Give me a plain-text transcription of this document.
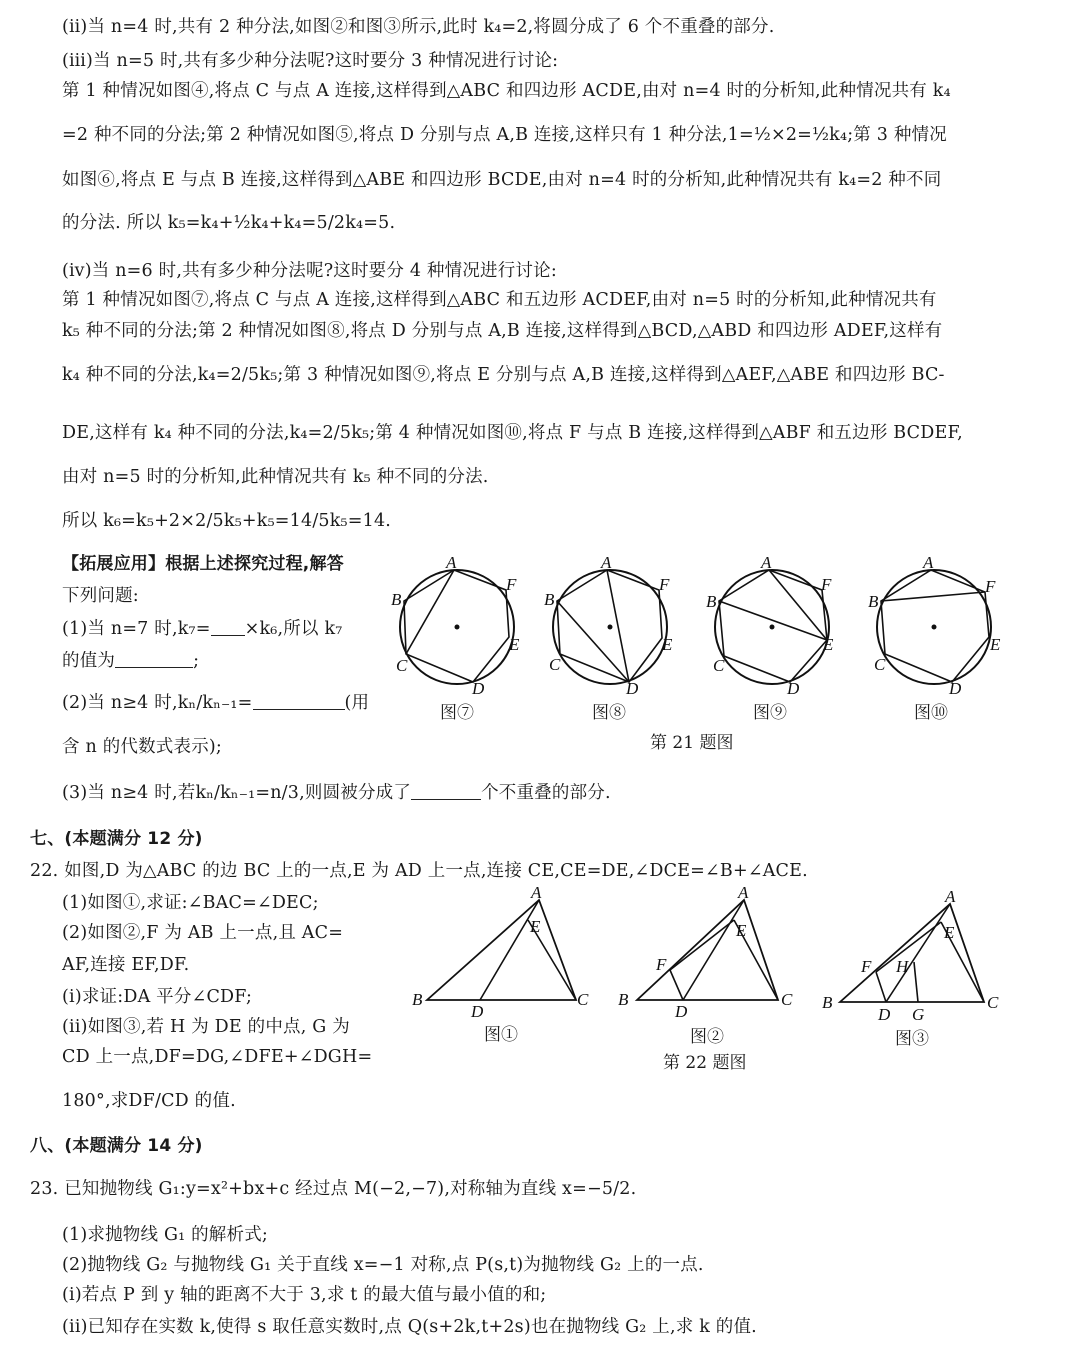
(ⅱ)当 n=4 时,共有 2 种分法,如图②和图③所示,此时 k₄=2,将圆分成了 6 个不重叠的部分.
(ⅲ)当 n=5 时,共有多少种分法呢?这时要分 3 种情况进行讨论:
第 1 种情况如图④,将点 C 与点 A 连接,这样得到△ABC 和四边形 ACDE,由对 n=4 时的分析知,此种情况共有 k₄
=2 种不同的分法;第 2 种情况如图⑤,将点 D 分别与点 A,B 连接,这样只有 1 种分法,1=½×2=½k₄;第 3 种情况
如图⑥,将点 E 与点 B 连接,这样得到△ABE 和四边形 BCDE,由对 n=4 时的分析知,此种情况共有 k₄=2 种不同
的分法. 所以 k₅=k₄+½k₄+k₄=5/2k₄=5.
(ⅳ)当 n=6 时,共有多少种分法呢?这时要分 4 种情况进行讨论:
第 1 种情况如图⑦,将点 C 与点 A 连接,这样得到△ABC 和五边形 ACDEF,由对 n=5 时的分析知,此种情况共有
k₅ 种不同的分法;第 2 种情况如图⑧,将点 D 分别与点 A,B 连接,这样得到△BCD,△ABD 和四边形 ADEF,这样有
k₄ 种不同的分法,k₄=2/5k₅;第 3 种情况如图⑨,将点 E 分别与点 A,B 连接,这样得到△AEF,△ABE 和四边形 BC-
DE,这样有 k₄ 种不同的分法,k₄=2/5k₅;第 4 种情况如图⑩,将点 F 与点 B 连接,这样得到△ABF 和五边形 BCDEF,
由对 n=5 时的分析知,此种情况共有 k₅ 种不同的分法.
所以 k₆=k₅+2×2/5k₅+k₅=14/5k₅=14.
【拓展应用】根据上述探究过程,解答
下列问题:
(1)当 n=7 时,k₇= ×k₆,所以 k₇
的值为	;
(2)当 n≥4 时,kₙ/kₙ₋₁=	(用
含 n 的代数式表示);
(3)当 n≥4 时,若kₙ/kₙ₋₁=n/3,则圆被分成了	个不重叠的部分.
A
B
C
D
E
F
A
B
C
D
E
F
A
B
C
D
E
F
A
B
C
D
E
F
图⑦	图⑧	图⑨	图⑩
第 21 题图
七、(本题满分 12 分)
22. 如图,D 为△ABC 的边 BC 上的一点,E 为 AD 上一点,连接 CE,CE=DE,∠DCE=∠B+∠ACE.
(1)如图①,求证:∠BAC=∠DEC;
(2)如图②,F 为 AB 上一点,且 AC=
AF,连接 EF,DF.
(i)求证:DA 平分∠CDF;
(ii)如图③,若 H 为 DE 的中点, G 为
CD 上一点,DF=DG,∠DFE+∠DGH=
180°,求DF/CD 的值.
A
B	C
D
E
A
B	C
D
E
F
A
B	C
D
E
F
G
H
图①	图②	图③
第 22 题图
八、(本题满分 14 分)
23. 已知抛物线 G₁:y=x²+bx+c 经过点 M(−2,−7),对称轴为直线 x=−5/2.
(1)求抛物线 G₁ 的解析式;
(2)抛物线 G₂ 与抛物线 G₁ 关于直线 x=−1 对称,点 P(s,t)为抛物线 G₂ 上的一点.
(i)若点 P 到 y 轴的距离不大于 3,求 t 的最大值与最小值的和;
(ii)已知存在实数 k,使得 s 取任意实数时,点 Q(s+2k,t+2s)也在抛物线 G₂ 上,求 k 的值.
